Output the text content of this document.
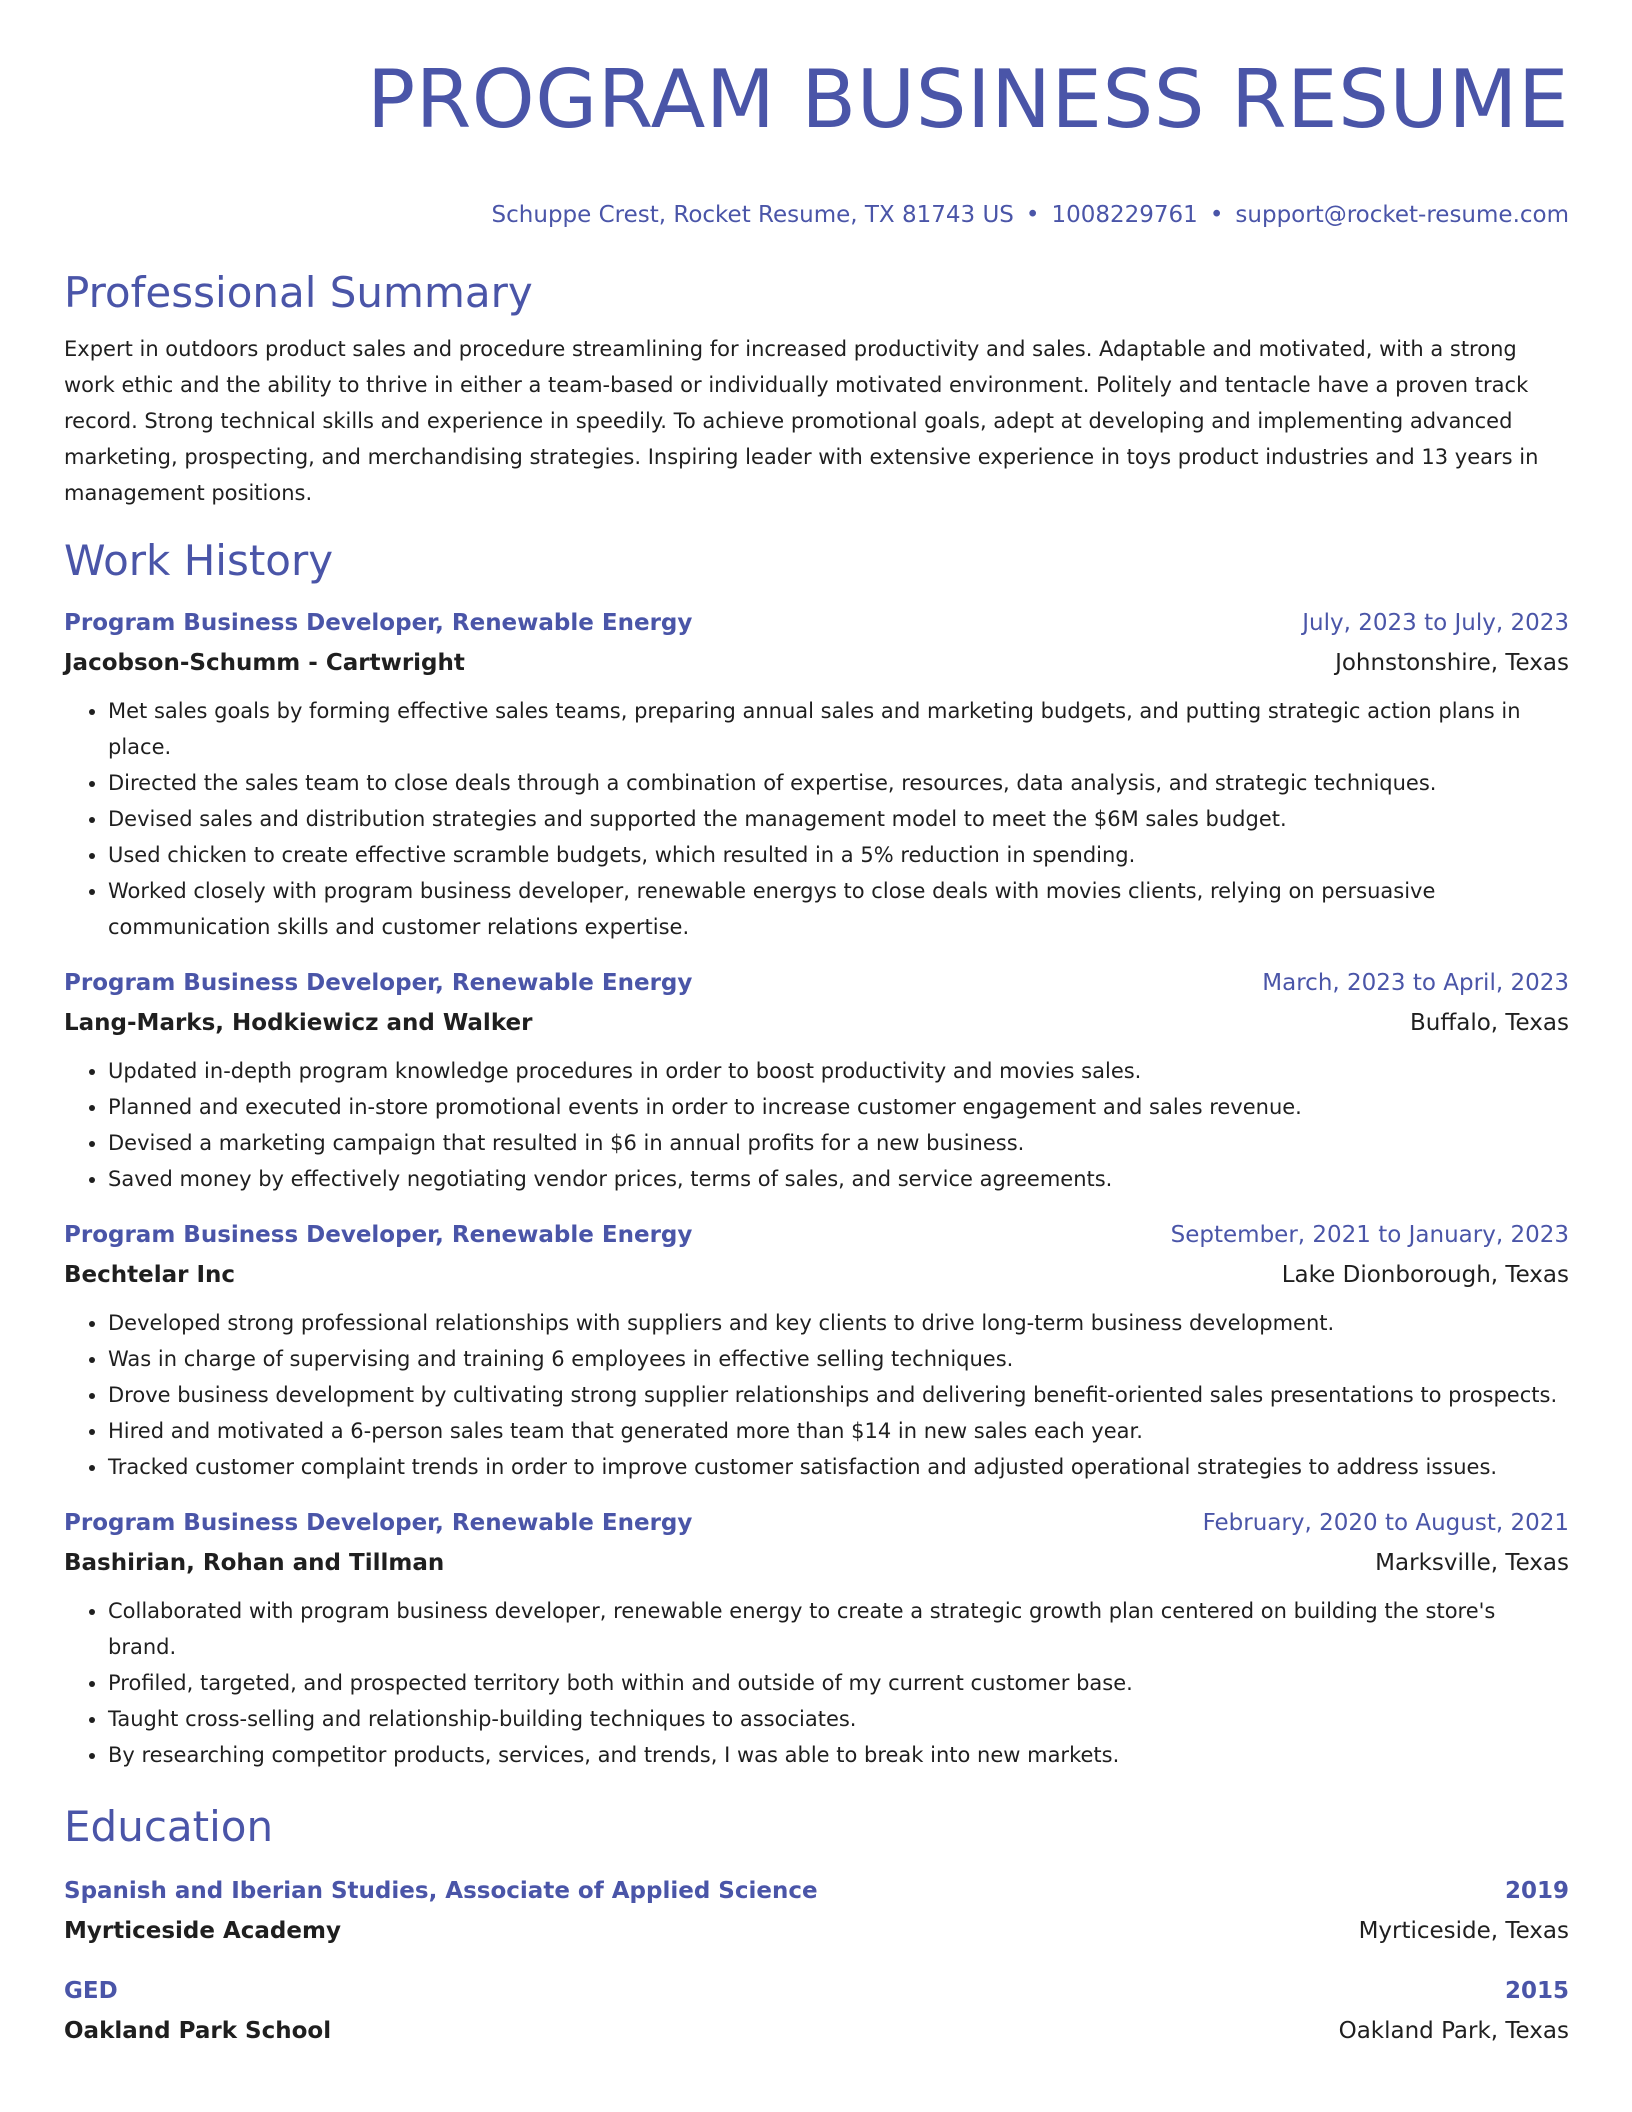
PROGRAM BUSINESS RESUME
Schuppe Crest, Rocket Resume, TX 81743 US • 1008229761 • support@rocket-resume.com
Professional Summary

Expert in outdoors product sales and procedure streamlining for increased productivity and sales. Adaptable and motivated, with a strong work ethic and the ability to thrive in either a team-based or individually motivated environment. Politely and tentacle have a proven track record. Strong technical skills and experience in speedily. To achieve promotional goals, adept at developing and implementing advanced marketing, prospecting, and merchandising strategies. Inspiring leader with extensive experience in toys product industries and 13 years in management positions.

Work History
Program Business Developer, Renewable Energy	July, 2023 to July, 2023
Jacobson-Schumm - Cartwright	Johnstonshire, Texas
• Met sales goals by forming effective sales teams, preparing annual sales and marketing budgets, and putting strategic action plans in place.
• Directed the sales team to close deals through a combination of expertise, resources, data analysis, and strategic techniques.
• Devised sales and distribution strategies and supported the management model to meet the $6M sales budget.
• Used chicken to create effective scramble budgets, which resulted in a 5% reduction in spending.
• Worked closely with program business developer, renewable energys to close deals with movies clients, relying on persuasive communication skills and customer relations expertise.
Program Business Developer, Renewable Energy	March, 2023 to April, 2023
Lang-Marks, Hodkiewicz and Walker	Buffalo, Texas
• Updated in-depth program knowledge procedures in order to boost productivity and movies sales.
• Planned and executed in-store promotional events in order to increase customer engagement and sales revenue.
• Devised a marketing campaign that resulted in $6 in annual profits for a new business.
• Saved money by effectively negotiating vendor prices, terms of sales, and service agreements.
Program Business Developer, Renewable Energy	September, 2021 to January, 2023
Bechtelar Inc	Lake Dionborough, Texas
• Developed strong professional relationships with suppliers and key clients to drive long-term business development.
• Was in charge of supervising and training 6 employees in effective selling techniques.
• Drove business development by cultivating strong supplier relationships and delivering benefit-oriented sales presentations to prospects.
• Hired and motivated a 6-person sales team that generated more than $14 in new sales each year.
• Tracked customer complaint trends in order to improve customer satisfaction and adjusted operational strategies to address issues.
Program Business Developer, Renewable Energy	February, 2020 to August, 2021
Bashirian, Rohan and Tillman	Marksville, Texas
• Collaborated with program business developer, renewable energy to create a strategic growth plan centered on building the store's brand.
• Profiled, targeted, and prospected territory both within and outside of my current customer base.
• Taught cross-selling and relationship-building techniques to associates.
• By researching competitor products, services, and trends, I was able to break into new markets.
Education
Spanish and Iberian Studies, Associate of Applied Science	2019
Myrticeside Academy	Myrticeside, Texas
GED	2015
Oakland Park School	Oakland Park, Texas
